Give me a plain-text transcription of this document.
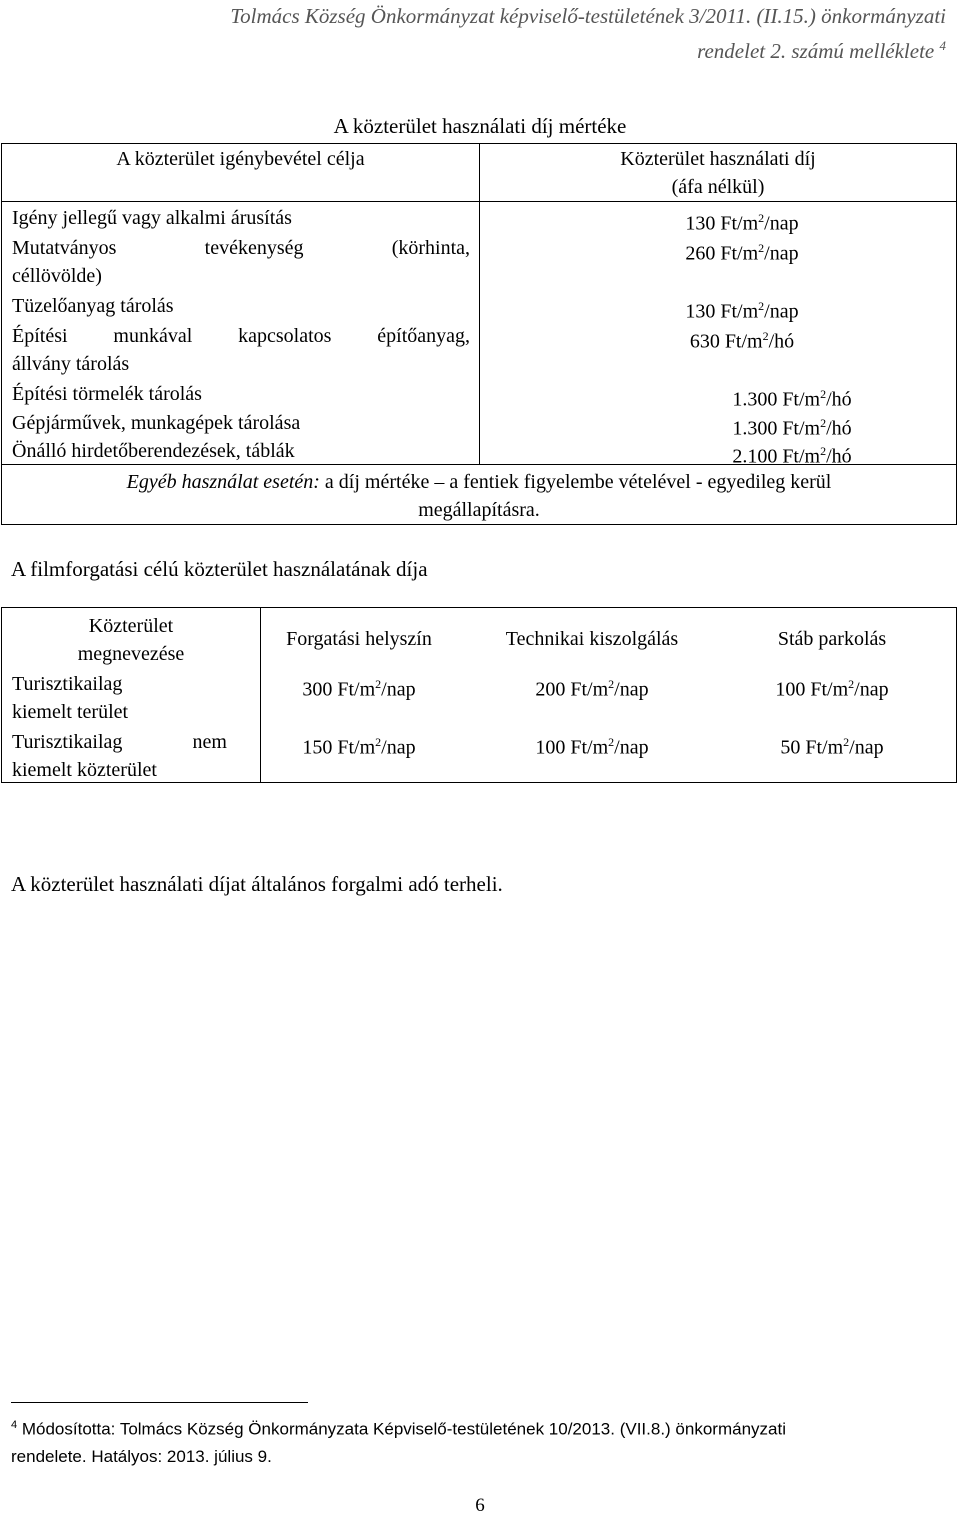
Tolmács Község Önkormányzat képviselő-testületének 3/2011. (II.15.) önkormányzati
rendelet 2. számú melléklete $^4$
A közterület használati díj mértéke
A közterület igénybevétel célja	Közterület használati díj
(áfa nélkül)
Igény jellegű vagy alkalmi árusítás	130 $Ft/m^2$/nap
Mutatványos tevékenység (körhinta,
céllövölde)
260 $Ft/m^2$/nap
Tüzelőanyag tárolás	130 $Ft/m^2$/nap
Építési munkával kapcsolatos építőanyag,
állvány tárolás
630 $Ft/m^2/hó$
Építési törmelék tárolás	1.300 $Ft/m^2/hó$
Gépjárművek, munkagépek tárolása	1.300 $Ft/m^2/hó$
Önálló hirdetőberendezések, táblák	2.100 $Ft/m^2/hó$
Egyéb használat esetén: a díj mértéke – a fentiek figyelembe vételével - egyedileg kerül
megállapításra.
A filmforgatási célú közterület használatának díja
Közterület
megnevezése
Forgatási helyszín	Technikai kiszolgálás	Stáb parkolás
Turisztikailag
kiemelt terület
300 $Ft/m^2$/nap	200 $Ft/m^2$/nap	100 $Ft/m^2$/nap
Turisztikailag nem
kiemelt közterület
150 $Ft/m^2$/nap	100 $Ft/m^2$/nap	50 $Ft/m^2$/nap
A közterület használati díjat általános forgalmi adó terheli.
$^4$ Módosította: Tolmács Község Önkormányzata Képviselő-testületének 10/2013. (VII.8.) önkormányzati
rendelete. Hatályos: 2013. július 9.
6
